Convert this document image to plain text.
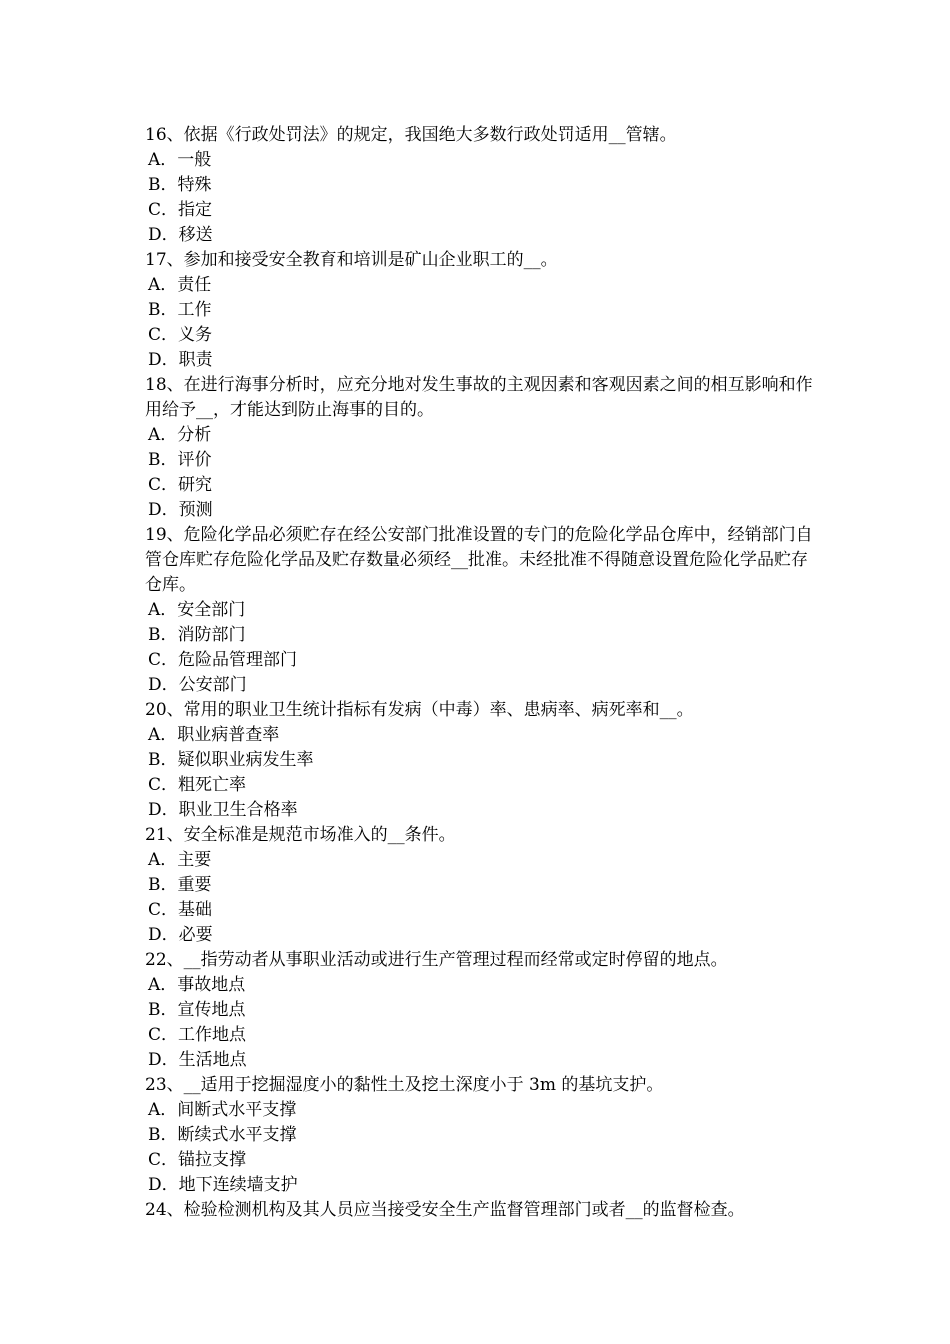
16、依据《行政处罚法》的规定，我国绝大多数行政处罚适用__管辖。
A．一般
B．特殊
C．指定
D．移送
17、参加和接受安全教育和培训是矿山企业职工的__。
A．责任
B．工作
C．义务
D．职责
18、在进行海事分析时，应充分地对发生事故的主观因素和客观因素之间的相互影响和作用给予__，才能达到防止海事的目的。
A．分析
B．评价
C．研究
D．预测
19、危险化学品必须贮存在经公安部门批准设置的专门的危险化学品仓库中，经销部门自管仓库贮存危险化学品及贮存数量必须经__批准。未经批准不得随意设置危险化学品贮存仓库。
A．安全部门
B．消防部门
C．危险品管理部门
D．公安部门
20、常用的职业卫生统计指标有发病（中毒）率、患病率、病死率和__。
A．职业病普查率
B．疑似职业病发生率
C．粗死亡率
D．职业卫生合格率
21、安全标准是规范市场准入的__条件。
A．主要
B．重要
C．基础
D．必要
22、__指劳动者从事职业活动或进行生产管理过程而经常或定时停留的地点。
A．事故地点
B．宣传地点
C．工作地点
D．生活地点
23、__适用于挖掘湿度小的黏性土及挖土深度小于 3m 的基坑支护。
A．间断式水平支撑
B．断续式水平支撑
C．锚拉支撑
D．地下连续墙支护
24、检验检测机构及其人员应当接受安全生产监督管理部门或者__的监督检查。
